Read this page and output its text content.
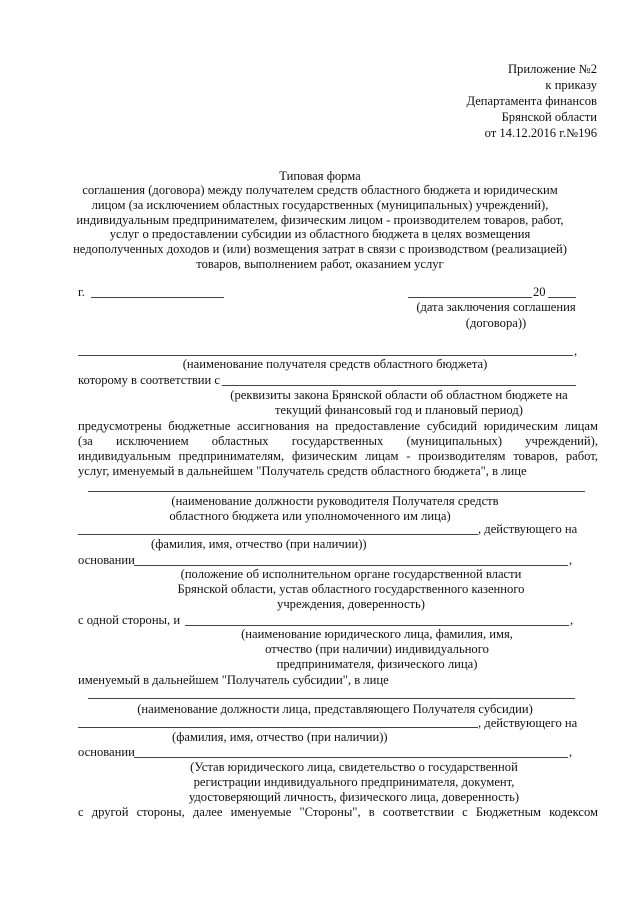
Приложение №2
к приказу
Департамента финансов
Брянской области
от 14.12.2016 г.№196
Типовая форма
соглашения (договора) между получателем средств областного бюджета и юридическим
лицом (за исключением областных государственных (муниципальных) учреждений),
индивидуальным предпринимателем, физическим лицом - производителем товаров, работ,
услуг о предоставлении субсидии из областного бюджета в целях возмещения
недополученных доходов и (или) возмещения затрат в связи с производством (реализацией)
товаров, выполнением работ, оказанием услуг
г.	20
(дата заключения соглашения
(договора))
,
(наименование получателя средств областного бюджета)
которому в соответствии с
(реквизиты закона Брянской области об областном бюджете на
текущий финансовый год и плановый период)
предусмотрены бюджетные ассигнования на предоставление субсидий юридическим лицам
(за исключением областных государственных (муниципальных) учреждений),
индивидуальным предпринимателям, физическим лицам - производителям товаров, работ,
услуг, именуемый в дальнейшем "Получатель средств областного бюджета", в лице
(наименование должности руководителя Получателя средств
областного бюджета или уполномоченного им лица)
, действующего на
(фамилия, имя, отчество (при наличии))
основании	,
(положение об исполнительном органе государственной власти
Брянской области, устав областного государственного казенного
учреждения, доверенность)
с одной стороны, и	,
(наименование юридического лица, фамилия, имя,
отчество (при наличии) индивидуального
предпринимателя, физического лица)
именуемый в дальнейшем "Получатель субсидии", в лице
(наименование должности лица, представляющего Получателя субсидии)
, действующего на
(фамилия, имя, отчество (при наличии))
основании	,
(Устав юридического лица, свидетельство о государственной
регистрации индивидуального предпринимателя, документ,
удостоверяющий личность, физического лица, доверенность)
с другой стороны, далее именуемые "Стороны", в соответствии с Бюджетным кодексом
